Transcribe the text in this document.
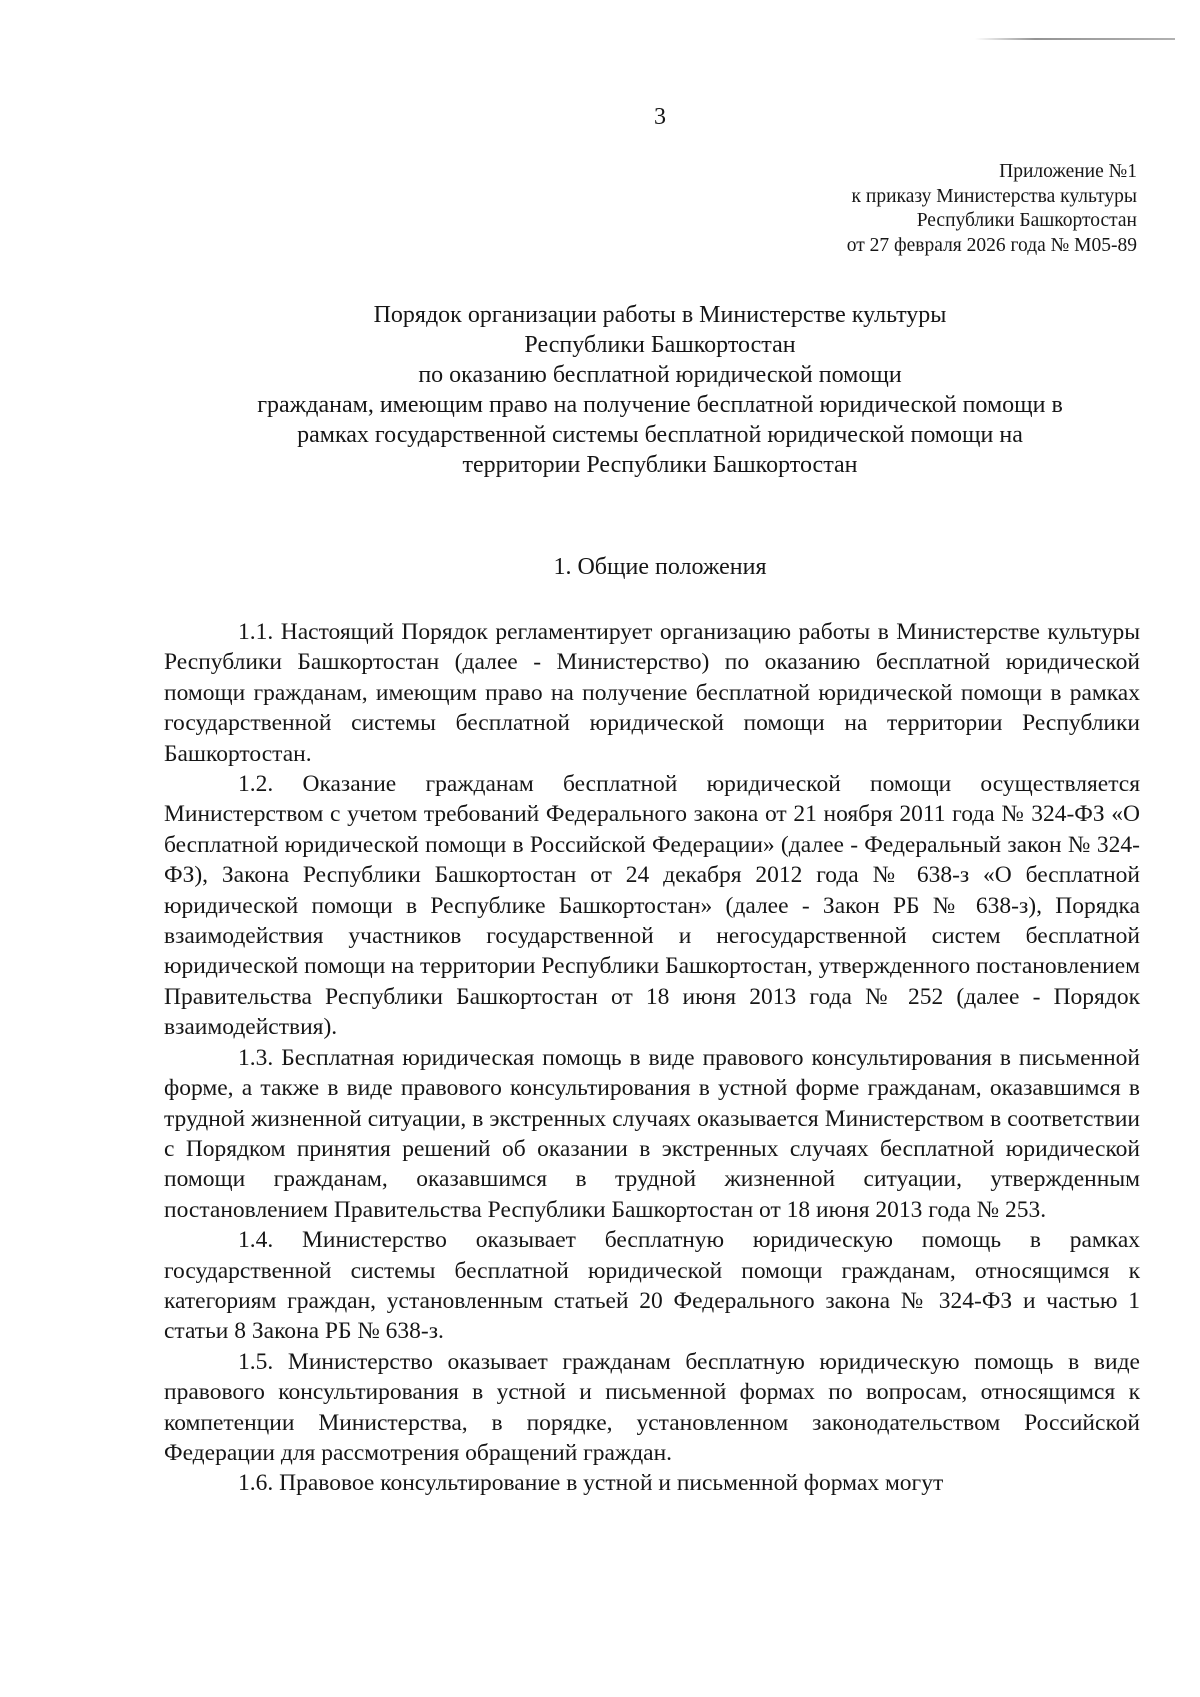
3
Приложение №1
к приказу Министерства культуры
Республики Башкортостан
от 27 февраля 2026 года № М05-89
Порядок организации работы в Министерстве культуры
Республики Башкортостан
по оказанию бесплатной юридической помощи
гражданам, имеющим право на получение бесплатной юридической помощи в
рамках государственной системы бесплатной юридической помощи на
территории Республики Башкортостан
1. Общие положения

1.1. Настоящий Порядок регламентирует организацию работы в Министерстве культуры Республики Башкортостан (далее - Министерство) по оказанию бесплатной юридической помощи гражданам, имеющим право на получение бесплатной юридической помощи в рамках государственной системы бесплатной юридической помощи на территории Республики Башкортостан.

1.2. Оказание гражданам бесплатной юридической помощи осуществляется Министерством с учетом требований Федерального закона от 21 ноября 2011 года № 324-ФЗ «О бесплатной юридической помощи в Российской Федерации» (далее - Федеральный закон № 324-ФЗ), Закона Республики Башкортостан от 24 декабря 2012 года № 638-з «О бесплатной юридической помощи в Республике Башкортостан» (далее - Закон РБ № 638-з), Порядка взаимодействия участников государственной и негосударственной систем бесплатной юридической помощи на территории Республики Башкортостан, утвержденного постановлением Правительства Республики Башкортостан от 18 июня 2013 года № 252 (далее - Порядок взаимодействия).

1.3. Бесплатная юридическая помощь в виде правового консультирования в письменной форме, а также в виде правового консультирования в устной форме гражданам, оказавшимся в трудной жизненной ситуации, в экстренных случаях оказывается Министерством в соответствии с Порядком принятия решений об оказании в экстренных случаях бесплатной юридической помощи гражданам, оказавшимся в трудной жизненной ситуации, утвержденным постановлением Правительства Республики Башкортостан от 18 июня 2013 года № 253.

1.4. Министерство оказывает бесплатную юридическую помощь в рамках государственной системы бесплатной юридической помощи гражданам, относящимся к категориям граждан, установленным статьей 20 Федерального закона № 324-ФЗ и частью 1 статьи 8 Закона РБ № 638-з.

1.5. Министерство оказывает гражданам бесплатную юридическую помощь в виде правового консультирования в устной и письменной формах по вопросам, относящимся к компетенции Министерства, в порядке, установленном законодательством Российской Федерации для рассмотрения обращений граждан.

1.6. Правовое консультирование в устной и письменной формах могут
